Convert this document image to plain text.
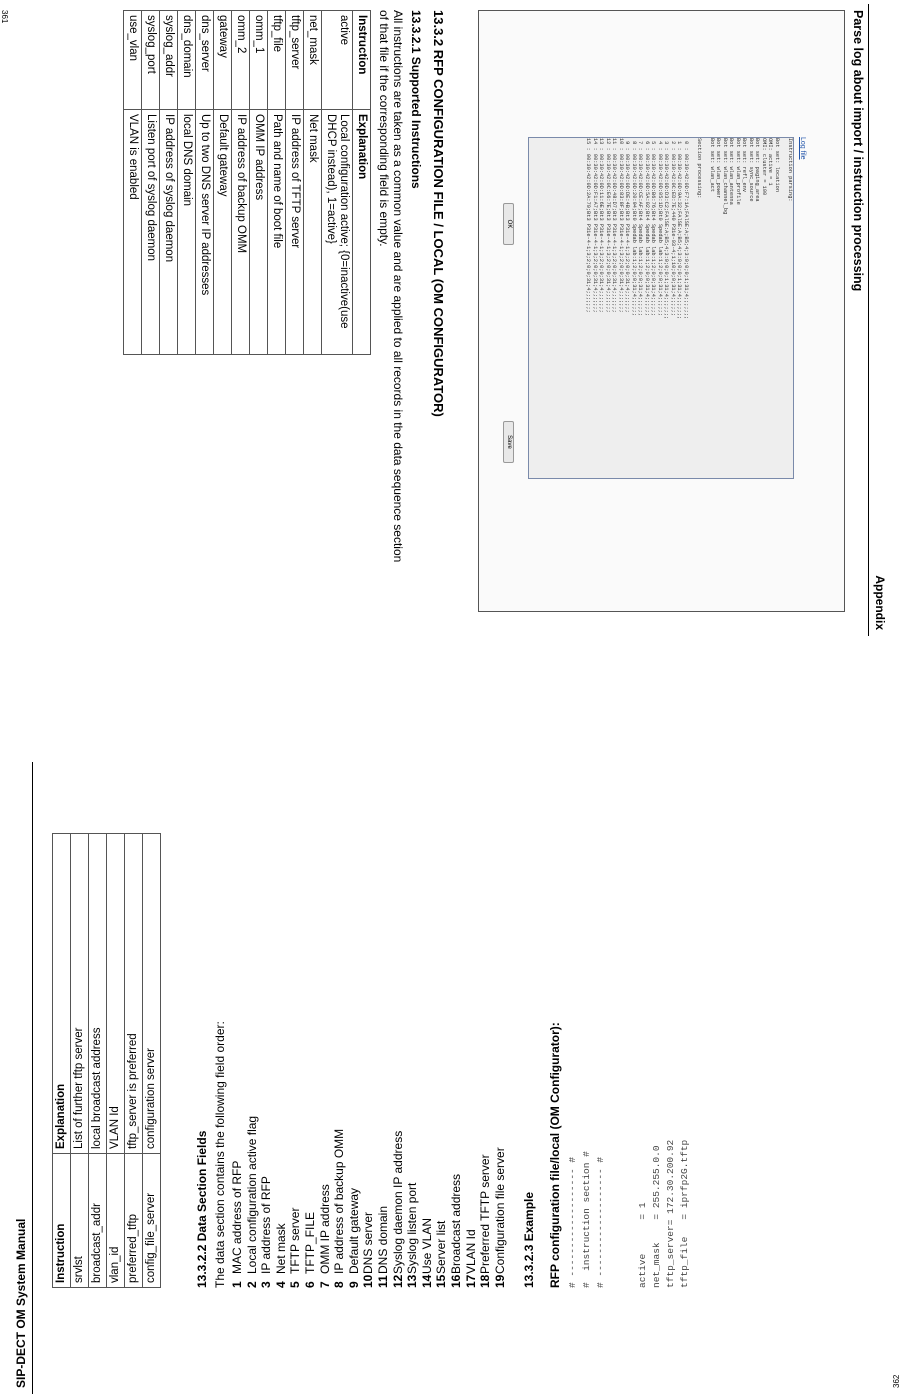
Appendix
Parse log about import / instruction processing
Log file
Instruction parsing:
Bot set: location
OMI: active = 1
OMI: cluster = 100
Bot set: paging_area
Bot set: sync_source
Bot set: refl_env
Bot set: wlan_profile
Bot set: wlan_antenna
Bot set: wlan_channel_bg
Bot set: wlan_power
Bot set: wlan_act
Section processing:
0 : 00:30:42:0D:F7:1A;FAlSE:A;B5;4;3:0;0;0;1;31;4;;;;;;;
1 : 00:30:42:0D:9A:32;FAlSE:A;B5;4;3:0;0;0;1;31;4;;;;;;;
2 : 00:30:42:0C:ED:7E;440 P31e-03-4;1;10;0;0;31;4;;;;;;
3 : 00:30:42:0D:D3:C2;FAlSE:A;B5;4;3:0;0;0;1;31;4;;;;;;;
4 : 00:30:42:0D:05:1D;Bt0 Spedab lab:1;2;0;0;31;4;;;;;;
5 : 00:30:42:0D:B6:76;Bt4 Spedab lab:1;2;0;0;31;4;;;;;;
6 : 00:30:42:0D:5A:02;Bt4 Spedab lab:1;2;0;0;31;4;;;;;;
7 : 00:30:42:0D:CE:AF;Bt4 Spedab lab:1;2;0;0;31;4;;;;;;
8 : 00:30:42:0D:20:94;Bt0 Spedab lab:1;2;0;0;31;4;;;;;;
9 : 00:30:42:0D:DE:4B;Bt3 P31e-4-1;3;2;0;0;31;4;;;;;;;
10 : 00:30:42:0D:83:8F;Bt3 P31e-4-1;3;2;0;0;31;4;;;;;;;
11 : 00:30:42:0D:48:D7;Bt3 P31e-4-1;3;2;0;0;31;4;;;;;;;
12 : 00:30:42:0C:E6:7E;Bt3 P31e-4-1;3;2;0;0;31;4;;;;;;;
13 : 00:30:42:0D:11:6E;Bt3 P31e-4-1;3;2;0;0;31;4;;;;;;;
14 : 00:30:42:0D:F1:A7;Bt3 P31e-4-1;3;2;0;0;31;4;;;;;;;
15 : 00:30:42:0D:2A:70;Bt3 P31e-4-1;3;2;0;0;31;4;;;;;;;
OK
Save
13.3.2 RFP CONFIGURATION FILE / LOCAL (OM CONFIGURATOR)
13.3.2.1 Supported Instructions
All instructions are taken as a common value and are applied to all records in the data sequence section
of that file if the corresponding field is empty.
Instruction	Explanation
active	Local configuration active; {0=inactive(use DHCP instead), 1=active}
net_mask	Net mask
tftp_server	IP address of TFTP server
tftp_file	Path and name of boot file
omm_1	OMM IP address
omm_2	IP address of backup OMM
gateway	Default gateway
dns_server	Up to two DNS server IP addresses
dns_domain	local DNS domain
syslog_addr	IP address of syslog daemon
syslog_port	Listen port of syslog daemon
use_vlan	VLAN is enabled
361
SIP-DECT OM System Manual Instruction	Explanation
srvlst	List of further tftp server
broadcast_addr	local broadcast address
vlan_id	VLAN Id
preferred_tftp	tftp_server is preferred
config_file_server	configuration server
13.3.2.2 Data Section Fields The data section contains the following field order: 1MAC address of RFP
2Local configuration active flag
3IP address of RFP
4Net mask
5TFTP server
6TFTP_FILE
7OMM IP address
8IP address of backup OMM
9Default gateway
10DNS server
11DNS domain
12Syslog daemon IP address
13Syslog listen port
14Use VLAN
15Server list
16Broadcast address
17VLAN Id
18Preferred TFTP server
19Configuration file server 13.3.2.3 Example RFP configuration file/local (OM Configurator): # ------------------- # #  instruction section # # ------------------- #	active      = 1 net_mask    = 255.255.0.0 tftp_server= 172.30.200.92 tftp_file   = iprfp2G.tftp
362
